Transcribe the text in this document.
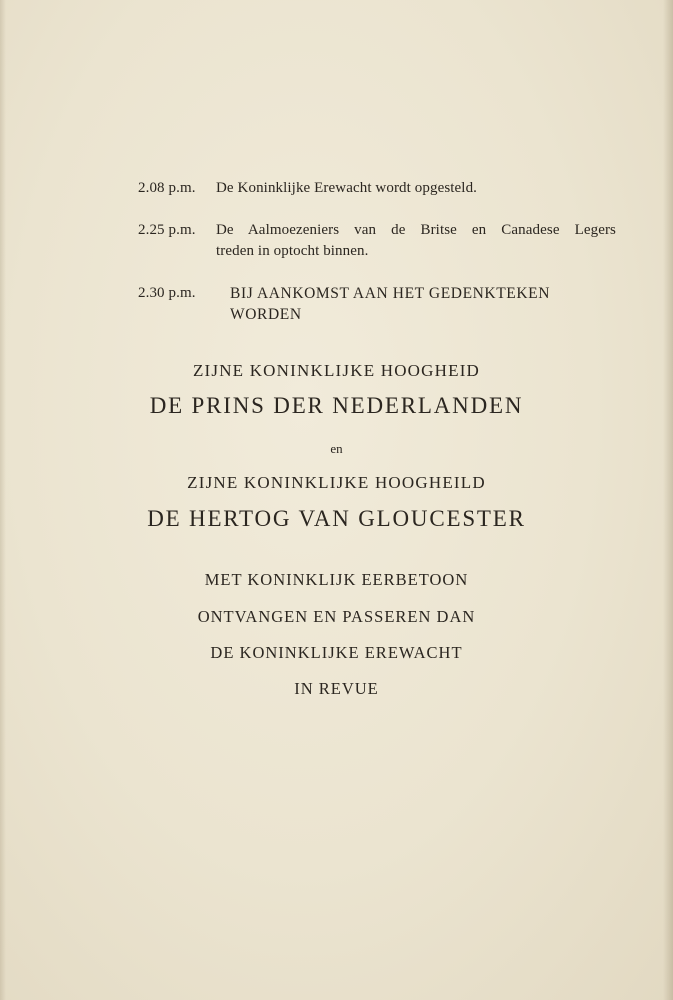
2.08 p.m.	De Koninklijke Erewacht wordt opgesteld.
2.25 p.m.	De Aalmoezeniers van de Britse en Canadese Legers
treden in optocht binnen.
2.30 p.m.	BIJ AANKOMST AAN HET GEDENKTEKEN
WORDEN
ZIJNE KONINKLIJKE HOOGHEID
DE PRINS DER NEDERLANDEN
en
ZIJNE KONINKLIJKE HOOGHEILD
DE HERTOG VAN GLOUCESTER
MET KONINKLIJK EERBETOON
ONTVANGEN EN PASSEREN DAN
DE KONINKLIJKE EREWACHT
IN REVUE
